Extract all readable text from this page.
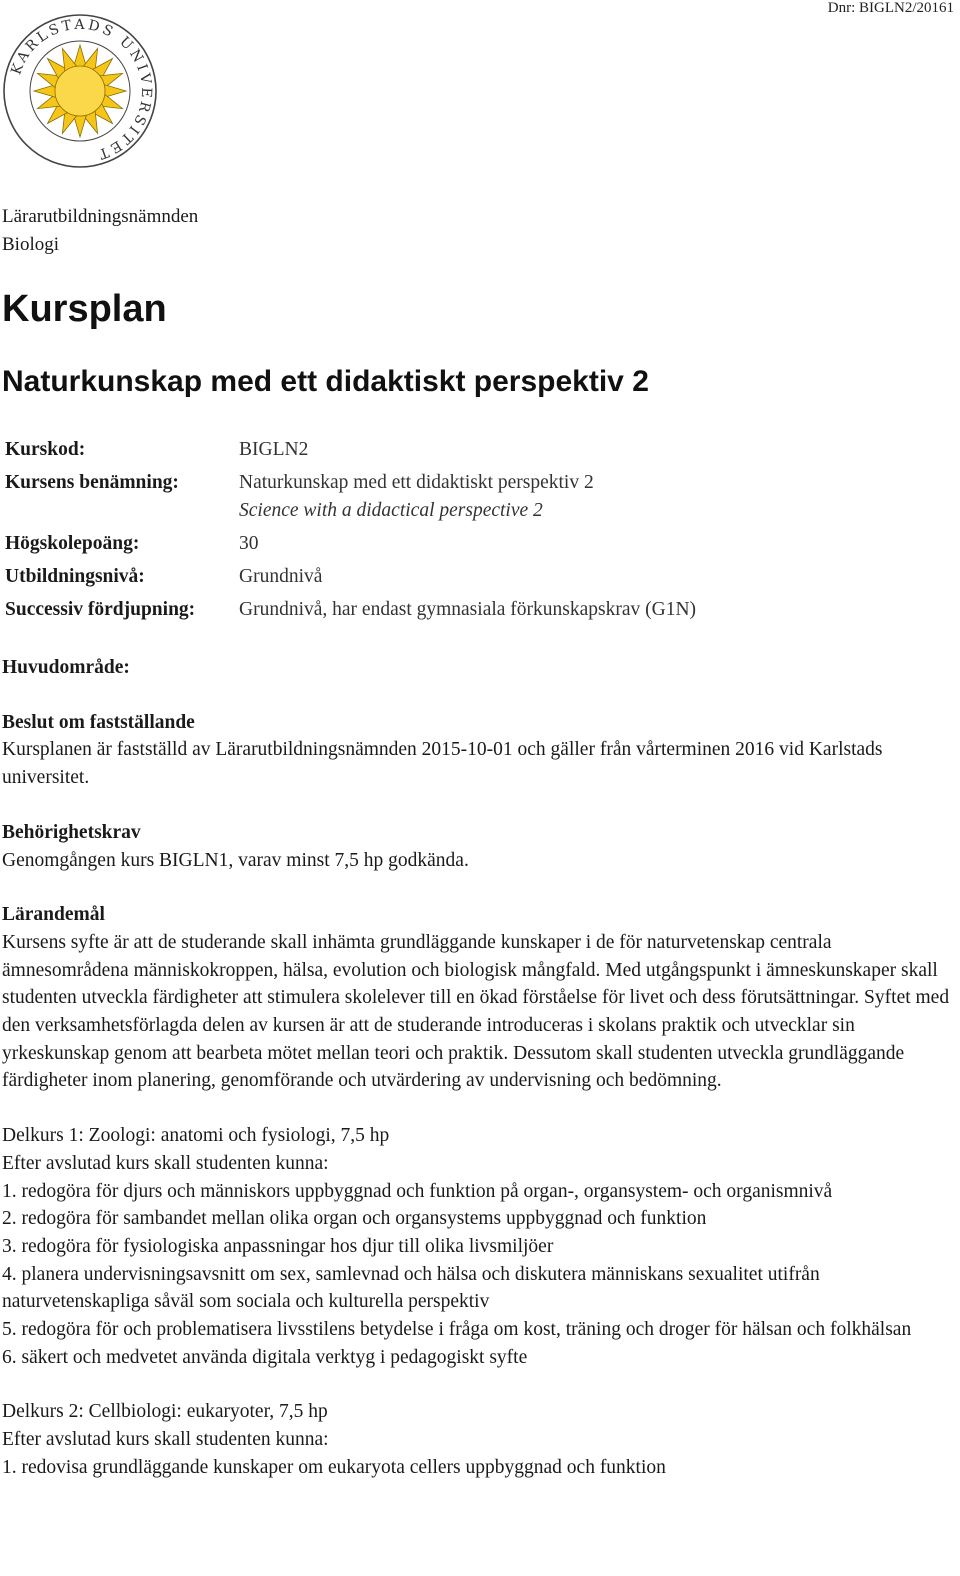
Dnr: BIGLN2/20161
KARLSTADS UNIVERSITET
Lärarutbildningsnämnden
Biologi
Kursplan
Naturkunskap med ett didaktiskt perspektiv 2
Kurskod:	BIGLN2
Kursens benämning:	Naturkunskap med ett didaktiskt perspektiv 2
Science with a didactical perspective 2
Högskolepoäng:	30
Utbildningsnivå:	Grundnivå
Successiv fördjupning:	Grundnivå, har endast gymnasiala förkunskapskrav (G1N)
Huvudområde:
Beslut om fastställande
Kursplanen är fastställd av Lärarutbildningsnämnden 2015-10-01 och gäller från vårterminen 2016 vid Karlstads universitet.
Behörighetskrav
Genomgången kurs BIGLN1, varav minst 7,5 hp godkända.
Lärandemål
Kursens syfte är att de studerande skall inhämta grundläggande kunskaper i de för naturvetenskap centrala ämnesområdena människokroppen, hälsa, evolution och biologisk mångfald. Med utgångspunkt i ämneskunskaper skall studenten utveckla färdigheter att stimulera skolelever till en ökad förståelse för livet och dess förutsättningar. Syftet med den verksamhetsförlagda delen av kursen är att de studerande introduceras i skolans praktik och utvecklar sin yrkeskunskap genom att bearbeta mötet mellan teori och praktik. Dessutom skall studenten utveckla grundläggande färdigheter inom planering, genomförande och utvärdering av undervisning och bedömning.
Delkurs 1: Zoologi: anatomi och fysiologi, 7,5 hp
Efter avslutad kurs skall studenten kunna:
1. redogöra för djurs och människors uppbyggnad och funktion på organ-, organsystem- och organismnivå
2. redogöra för sambandet mellan olika organ och organsystems uppbyggnad och funktion
3. redogöra för fysiologiska anpassningar hos djur till olika livsmiljöer
4. planera undervisningsavsnitt om sex, samlevnad och hälsa och diskutera människans sexualitet utifrån naturvetenskapliga såväl som sociala och kulturella perspektiv
5. redogöra för och problematisera livsstilens betydelse i fråga om kost, träning och droger för hälsan och folkhälsan
6. säkert och medvetet använda digitala verktyg i pedagogiskt syfte
Delkurs 2: Cellbiologi: eukaryoter, 7,5 hp
Efter avslutad kurs skall studenten kunna:
1. redovisa grundläggande kunskaper om eukaryota cellers uppbyggnad och funktion
